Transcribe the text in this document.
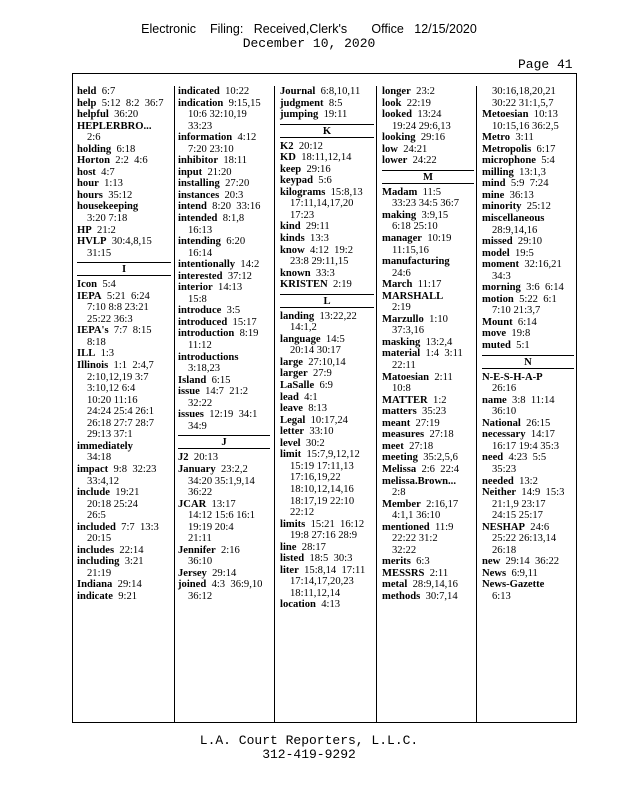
Electronic    Filing:   Received,Clerk's       Office   12/15/2020
December 10, 2020
Page 41
held  6:7
help  5:12  8:2  36:7
helpful  36:20
HEPLERBRO...
2:6
holding  6:18
Horton  2:2  4:6
host  4:7
hour  1:13
hours  35:12
housekeeping
3:20 7:18
HP  21:2
HVLP  30:4,8,15
31:15
I
Icon  5:4
IEPA  5:21  6:24
7:10 8:8 23:21
25:22 36:3
IEPA's  7:7  8:15
8:18
ILL  1:3
Illinois  1:1  2:4,7
2:10,12,19 3:7
3:10,12 6:4
10:20 11:16
24:24 25:4 26:1
26:18 27:7 28:7
29:13 37:1
immediately
34:18
impact  9:8  32:23
33:4,12
include  19:21
20:18 25:24
26:5
included  7:7  13:3
20:15
includes  22:14
including  3:21
21:19
Indiana  29:14
indicate  9:21
indicated  10:22
indication  9:15,15
10:6 32:10,19
33:23
information  4:12
7:20 23:10
inhibitor  18:11
input  21:20
installing  27:20
instances  20:3
intend  8:20  33:16
intended  8:1,8
16:13
intending  6:20
16:14
intentionally  14:2
interested  37:12
interior  14:13
15:8
introduce  3:5
introduced  15:17
introduction  8:19
11:12
introductions
3:18,23
Island  6:15
issue  14:7  21:2
32:22
issues  12:19  34:1
34:9
J
J2  20:13
January  23:2,2
34:20 35:1,9,14
36:22
JCAR  13:17
14:12 15:6 16:1
19:19 20:4
21:11
Jennifer  2:16
36:10
Jersey  29:14
joined  4:3  36:9,10
36:12
Journal  6:8,10,11
judgment  8:5
jumping  19:11
K
K2  20:12
KD  18:11,12,14
keep  29:16
keypad  5:6
kilograms  15:8,13
17:11,14,17,20
17:23
kind  29:11
kinds  13:3
know  4:12  19:2
23:8 29:11,15
known  33:3
KRISTEN  2:19
L
landing  13:22,22
14:1,2
language  14:5
20:14 30:17
large  27:10,14
larger  27:9
LaSalle  6:9
lead  4:1
leave  8:13
Legal  10:17,24
letter  33:10
level  30:2
limit  15:7,9,12,12
15:19 17:11,13
17:16,19,22
18:10,12,14,16
18:17,19 22:10
22:12
limits  15:21  16:12
19:8 27:16 28:9
line  28:17
listed  18:5  30:3
liter  15:8,14  17:11
17:14,17,20,23
18:11,12,14
location  4:13
longer  23:2
look  22:19
looked  13:24
19:24 29:6,13
looking  29:16
low  24:21
lower  24:22
M
Madam  11:5
33:23 34:5 36:7
making  3:9,15
6:18 25:10
manager  10:19
11:15,16
manufacturing
24:6
March  11:17
MARSHALL
2:19
Marzullo  1:10
37:3,16
masking  13:2,4
material  1:4  3:11
22:11
Matoesian  2:11
10:8
MATTER  1:2
matters  35:23
meant  27:19
measures  27:18
meet  27:18
meeting  35:2,5,6
Melissa  2:6  22:4
melissa.Brown...
2:8
Member  2:16,17
4:1,1 36:10
mentioned  11:9
22:22 31:2
32:22
merits  6:3
MESSRS  2:11
metal  28:9,14,16
methods  30:7,14
30:16,18,20,21
30:22 31:1,5,7
Metoesian  10:13
10:15,16 36:2,5
Metro  3:11
Metropolis  6:17
microphone  5:4
milling  13:1,3
mind  5:9  7:24
mine  36:13
minority  25:12
miscellaneous
28:9,14,16
missed  29:10
model  19:5
moment  32:16,21
34:3
morning  3:6  6:14
motion  5:22  6:1
7:10 21:3,7
Mount  6:14
move  19:8
muted  5:1
N
N-E-S-H-A-P
26:16
name  3:8  11:14
36:10
National  26:15
necessary  14:17
16:17 19:4 35:3
need  4:23  5:5
35:23
needed  13:2
Neither  14:9  15:3
21:1,9 23:17
24:15 25:17
NESHAP  24:6
25:22 26:13,14
26:18
new  29:14  36:22
News  6:9,11
News-Gazette
6:13
L.A. Court Reporters, L.L.C.
312-419-9292
